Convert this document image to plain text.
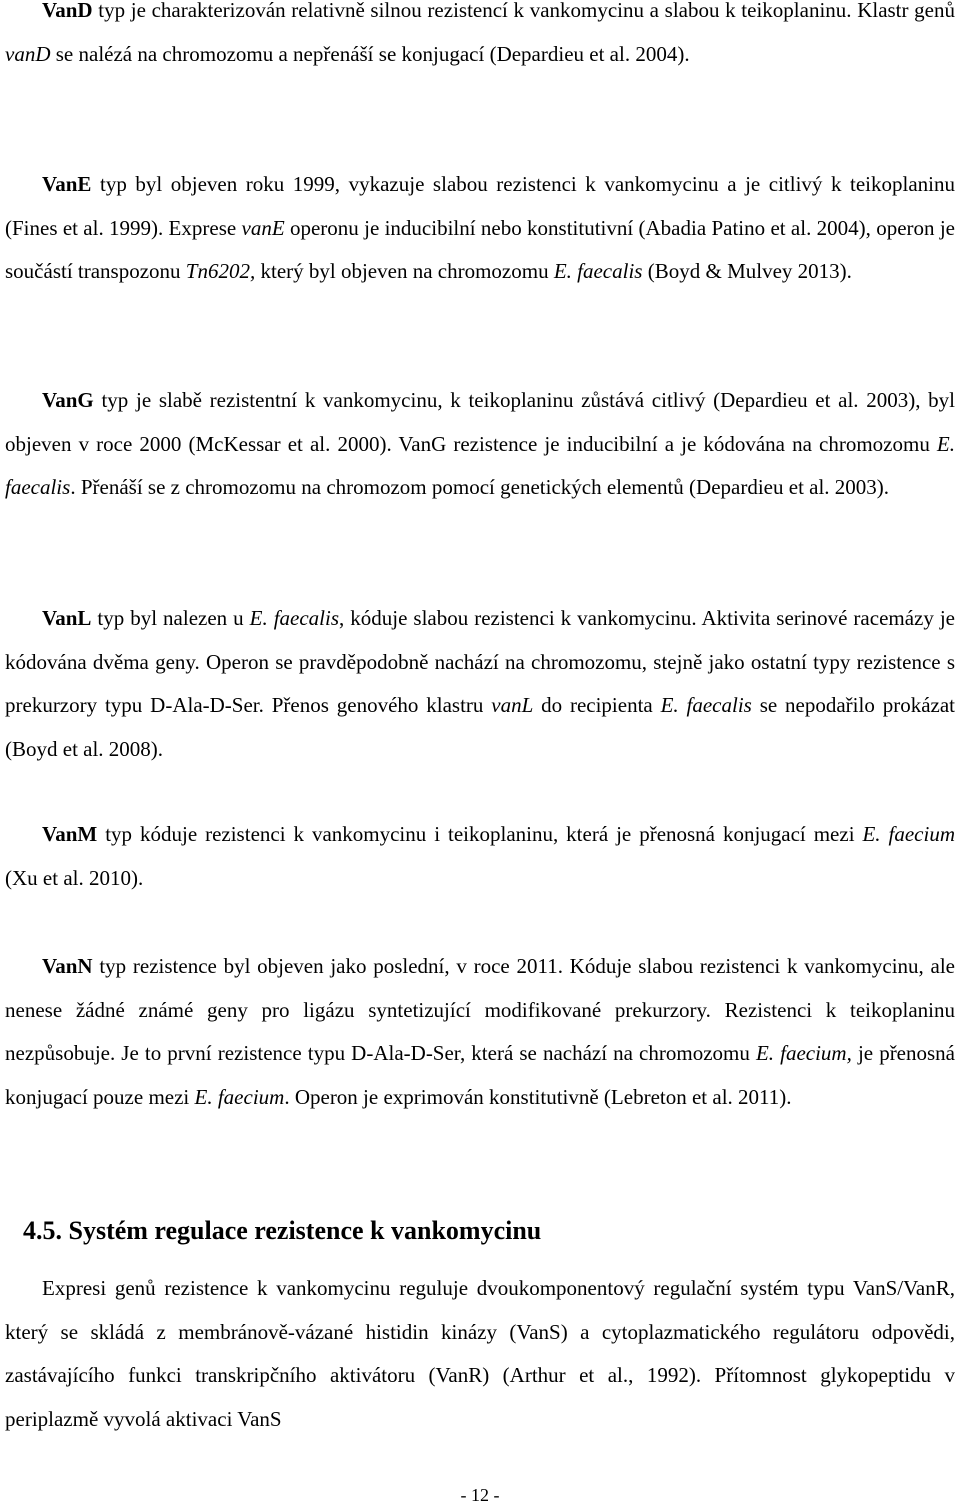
VanD typ je charakterizován relativně silnou rezistencí k vankomycinu a slabou k teikoplaninu. Klastr genů vanD se nalézá na chromozomu a nepřenáší se konjugací (Depardieu et al. 2004).

VanE typ byl objeven roku 1999, vykazuje slabou rezistenci k vankomycinu a je citlivý k teikoplaninu (Fines et al. 1999). Exprese vanE operonu je inducibilní nebo konstitutivní (Abadia Patino et al. 2004), operon je součástí transpozonu Tn6202, který byl objeven na chromozomu E. faecalis (Boyd & Mulvey 2013).

VanG typ je slabě rezistentní k vankomycinu, k teikoplaninu zůstává citlivý (Depardieu et al. 2003), byl objeven v roce 2000 (McKessar et al. 2000). VanG rezistence je inducibilní a je kódována na chromozomu E. faecalis. Přenáší se z chromozomu na chromozom pomocí genetických elementů (Depardieu et al. 2003).

VanL typ byl nalezen u E. faecalis, kóduje slabou rezistenci k vankomycinu. Aktivita serinové racemázy je kódována dvěma geny. Operon se pravděpodobně nachází na chromozomu, stejně jako ostatní typy rezistence s prekurzory typu D-Ala-D-Ser. Přenos genového klastru vanL do recipienta E. faecalis se nepodařilo prokázat (Boyd et al. 2008).

VanM typ kóduje rezistenci k vankomycinu i teikoplaninu, která je přenosná konjugací mezi E. faecium (Xu et al. 2010).

VanN typ rezistence byl objeven jako poslední, v roce 2011. Kóduje slabou rezistenci k vankomycinu, ale nenese žádné známé geny pro ligázu syntetizující modifikované prekurzory. Rezistenci k teikoplaninu nezpůsobuje. Je to první rezistence typu D-Ala-D-Ser, která se nachází na chromozomu E. faecium, je přenosná konjugací pouze mezi E. faecium. Operon je exprimován konstitutivně (Lebreton et al. 2011).

4.5. Systém regulace rezistence k vankomycinu

Expresi genů rezistence k vankomycinu reguluje dvoukomponentový regulační systém typu VanS/VanR, který se skládá z membránově-vázané histidin kinázy (VanS) a cytoplazmatického regulátoru odpovědi, zastávajícího funkci transkripčního aktivátoru (VanR) (Arthur et al., 1992). Přítomnost glykopeptidu v periplazmě vyvolá aktivaci VanS

- 12 -
